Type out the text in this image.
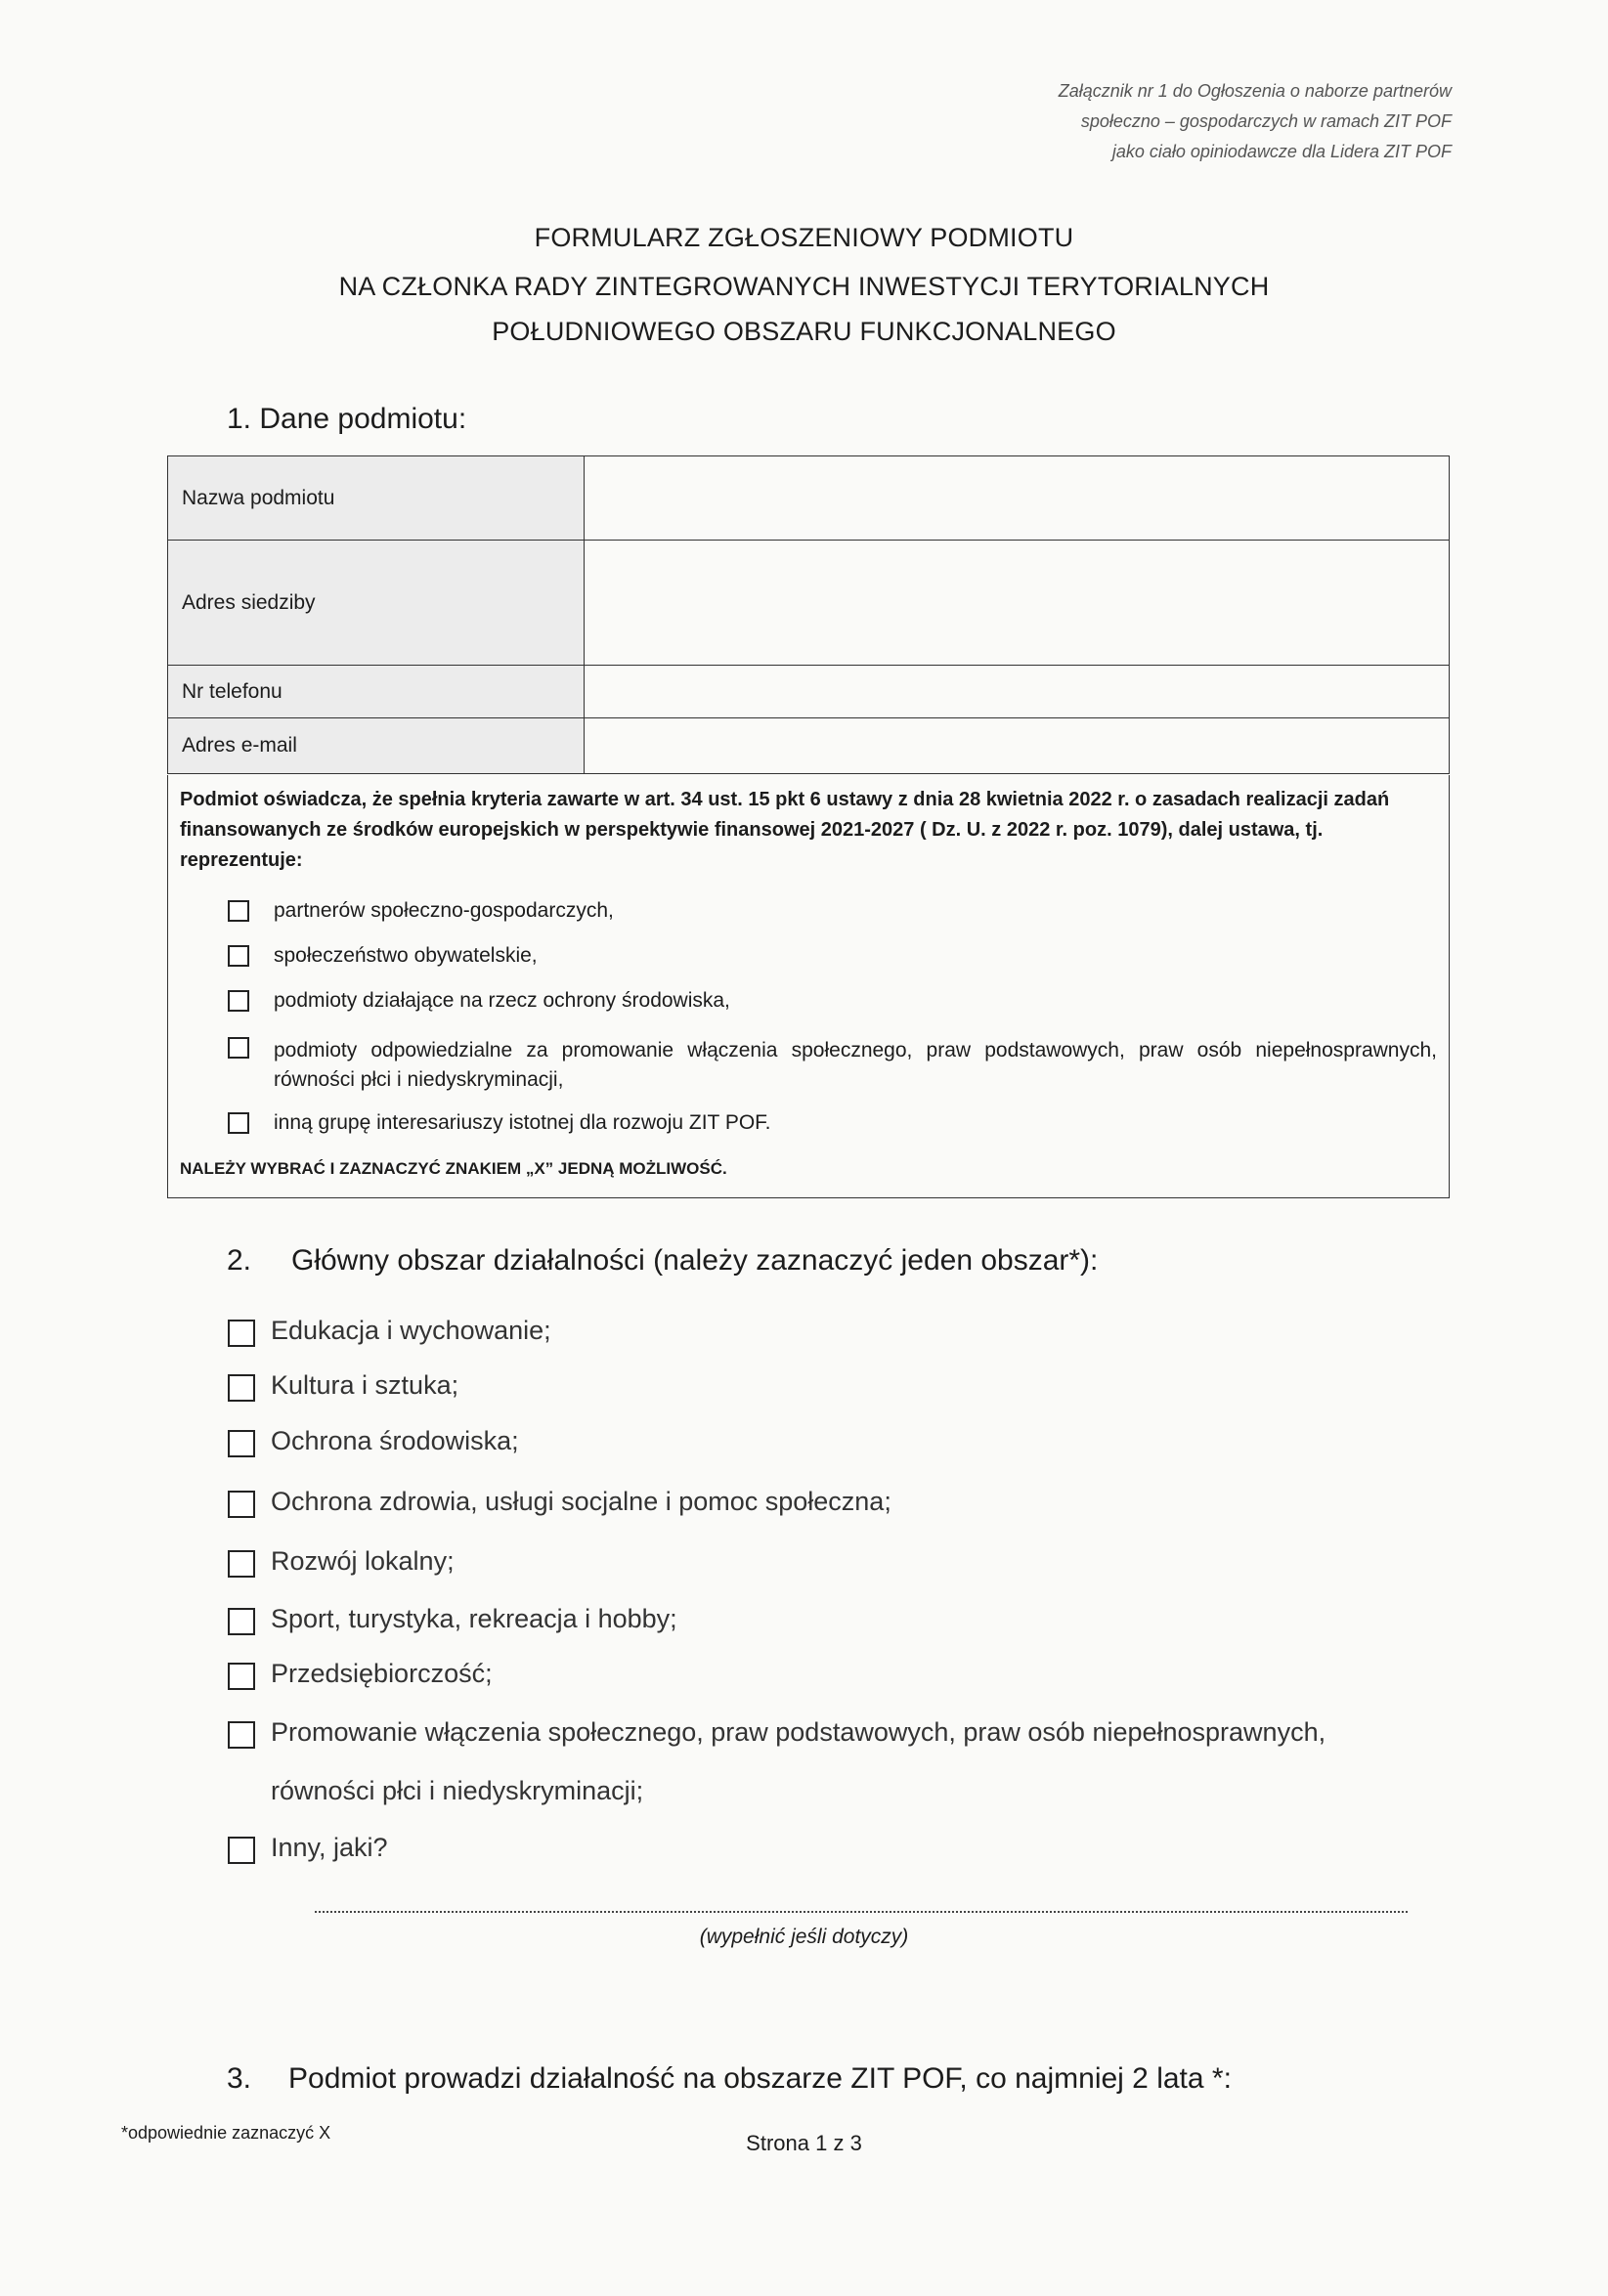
Załącznik nr 1 do Ogłoszenia o naborze partnerów
społeczno – gospodarczych w ramach ZIT POF
jako ciało opiniodawcze dla Lidera ZIT POF
FORMULARZ ZGŁOSZENIOWY PODMIOTU
NA CZŁONKA RADY ZINTEGROWANYCH INWESTYCJI TERYTORIALNYCH
POŁUDNIOWEGO OBSZARU FUNKCJONALNEGO
1. Dane podmiotu:
Nazwa podmiotu	
Adres siedziby	
Nr telefonu	
Adres e-mail	
Podmiot oświadcza, że spełnia kryteria zawarte w art. 34 ust. 15 pkt 6 ustawy z dnia 28 kwietnia 2022 r. o zasadach realizacji zadań finansowanych ze środków europejskich w perspektywie finansowej 2021-2027 ( Dz. U. z 2022 r. poz. 1079), dalej ustawa, tj. reprezentuje:
partnerów społeczno-gospodarczych,
społeczeństwo obywatelskie,
podmioty działające na rzecz ochrony środowiska,
podmioty odpowiedzialne za promowanie włączenia społecznego, praw podstawowych, praw osób niepełnosprawnych, równości płci i niedyskryminacji,
inną grupę interesariuszy istotnej dla rozwoju ZIT POF.
NALEŻY WYBRAĆ I ZAZNACZYĆ ZNAKIEM „X” JEDNĄ MOŻLIWOŚĆ.
2. Główny obszar działalności (należy zaznaczyć jeden obszar*):
Edukacja i wychowanie;
Kultura i sztuka;
Ochrona środowiska;
Ochrona zdrowia, usługi socjalne i pomoc społeczna;
Rozwój lokalny;
Sport, turystyka, rekreacja i hobby;
Przedsiębiorczość;
Promowanie włączenia społecznego, praw podstawowych, praw osób niepełnosprawnych,
równości płci i niedyskryminacji;
Inny, jaki?
(wypełnić jeśli dotyczy)
3. Podmiot prowadzi działalność na obszarze ZIT POF, co najmniej 2 lata *:
*odpowiednie zaznaczyć X	Strona 1 z 3
